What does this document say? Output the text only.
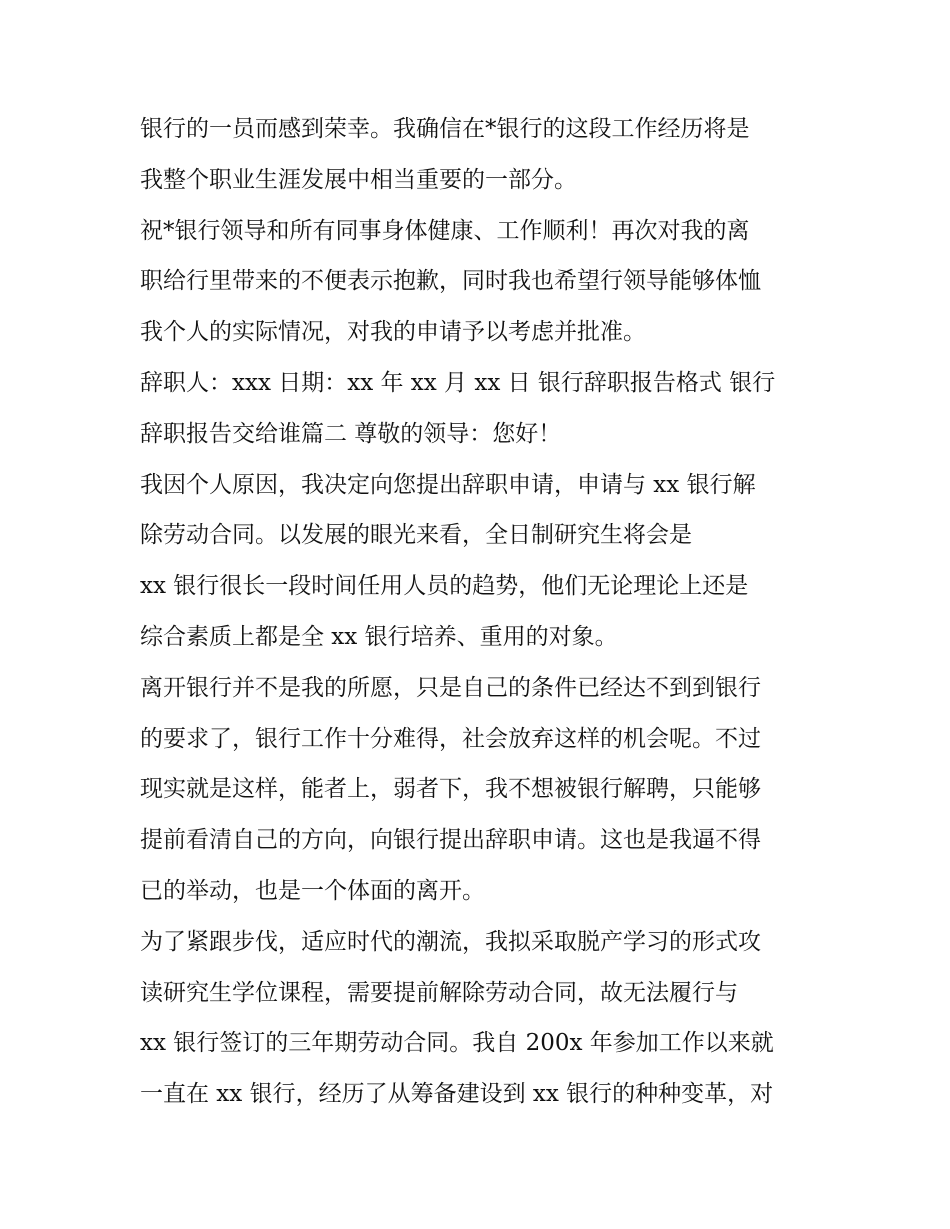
银行的一员而感到荣幸。我确信在*银行的这段工作经历将是
我整个职业生涯发展中相当重要的一部分。
祝*银行领导和所有同事身体健康、工作顺利！再次对我的离
职给行里带来的不便表示抱歉，同时我也希望行领导能够体恤
我个人的实际情况，对我的申请予以考虑并批准。
辞职人：xxx 日期：xx 年 xx 月 xx 日 银行辞职报告格式 银行
辞职报告交给谁篇二 尊敬的领导：您好！
我因个人原因，我决定向您提出辞职申请，申请与 xx 银行解
除劳动合同。以发展的眼光来看，全日制研究生将会是
xx 银行很长一段时间任用人员的趋势，他们无论理论上还是
综合素质上都是全 xx 银行培养、重用的对象。
离开银行并不是我的所愿，只是自己的条件已经达不到到银行
的要求了，银行工作十分难得，社会放弃这样的机会呢。不过
现实就是这样，能者上，弱者下，我不想被银行解聘，只能够
提前看清自己的方向，向银行提出辞职申请。这也是我逼不得
已的举动，也是一个体面的离开。
为了紧跟步伐，适应时代的潮流，我拟采取脱产学习的形式攻
读研究生学位课程，需要提前解除劳动合同，故无法履行与
xx 银行签订的三年期劳动合同。我自 200x 年参加工作以来就
一直在 xx 银行，经历了从筹备建设到 xx 银行的种种变革，对
